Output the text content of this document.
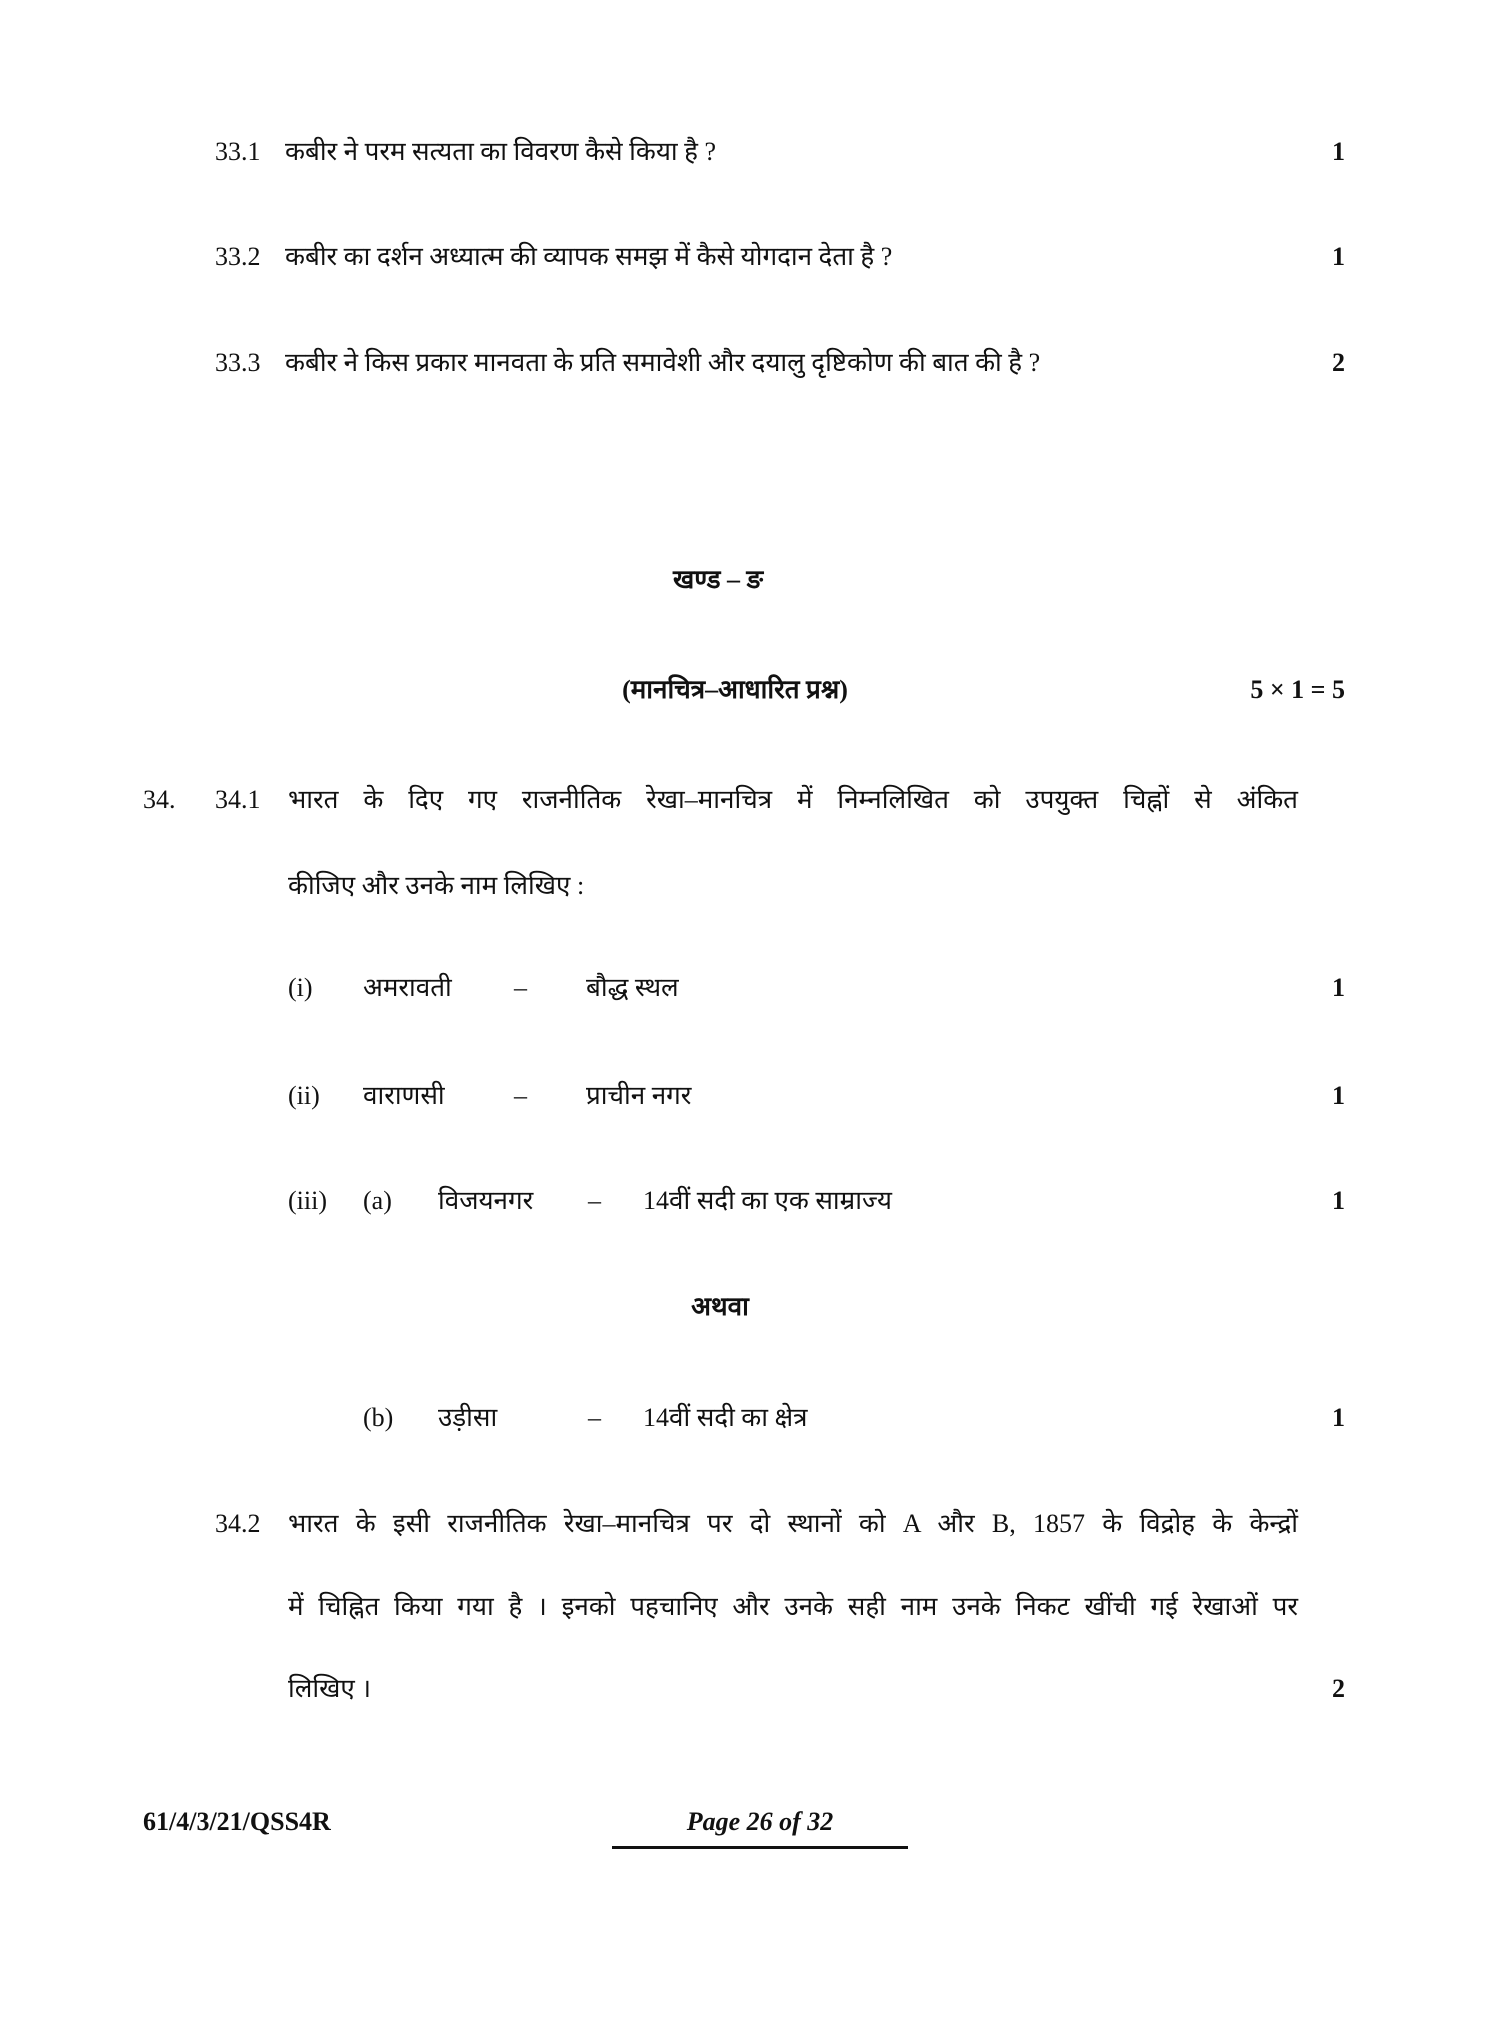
33.1 कबीर ने परम सत्यता का विवरण कैसे किया है ?	1
33.2 कबीर का दर्शन अध्यात्म की व्यापक समझ में कैसे योगदान देता है ?	1
33.3 कबीर ने किस प्रकार मानवता के प्रति समावेशी और दयालु दृष्टिकोण की बात की है ?	2
खण्ड – ङ
(मानचित्र–आधारित प्रश्न)	5 × 1 = 5
34. 34.1 भारत के दिए गए राजनीतिक रेखा–मानचित्र में निम्नलिखित को उपयुक्त चिह्नों से अंकित
कीजिए और उनके नाम लिखिए :
(i) अमरावती – बौद्ध स्थल	1
(ii) वाराणसी	– प्राचीन नगर	1
(iii) (a) विजयनगर – 14वीं सदी का एक साम्राज्य	1
अथवा
(b) उड़ीसा	– 14वीं सदी का क्षेत्र	1
34.2 भारत के इसी राजनीतिक रेखा–मानचित्र पर दो स्थानों को A और B, 1857 के विद्रोह के केन्द्रों
में चिह्नित किया गया है । इनको पहचानिए और उनके सही नाम उनके निकट खींची गई रेखाओं पर
लिखिए ।	2
61/4/3/21/QSS4R	Page 26 of 32
